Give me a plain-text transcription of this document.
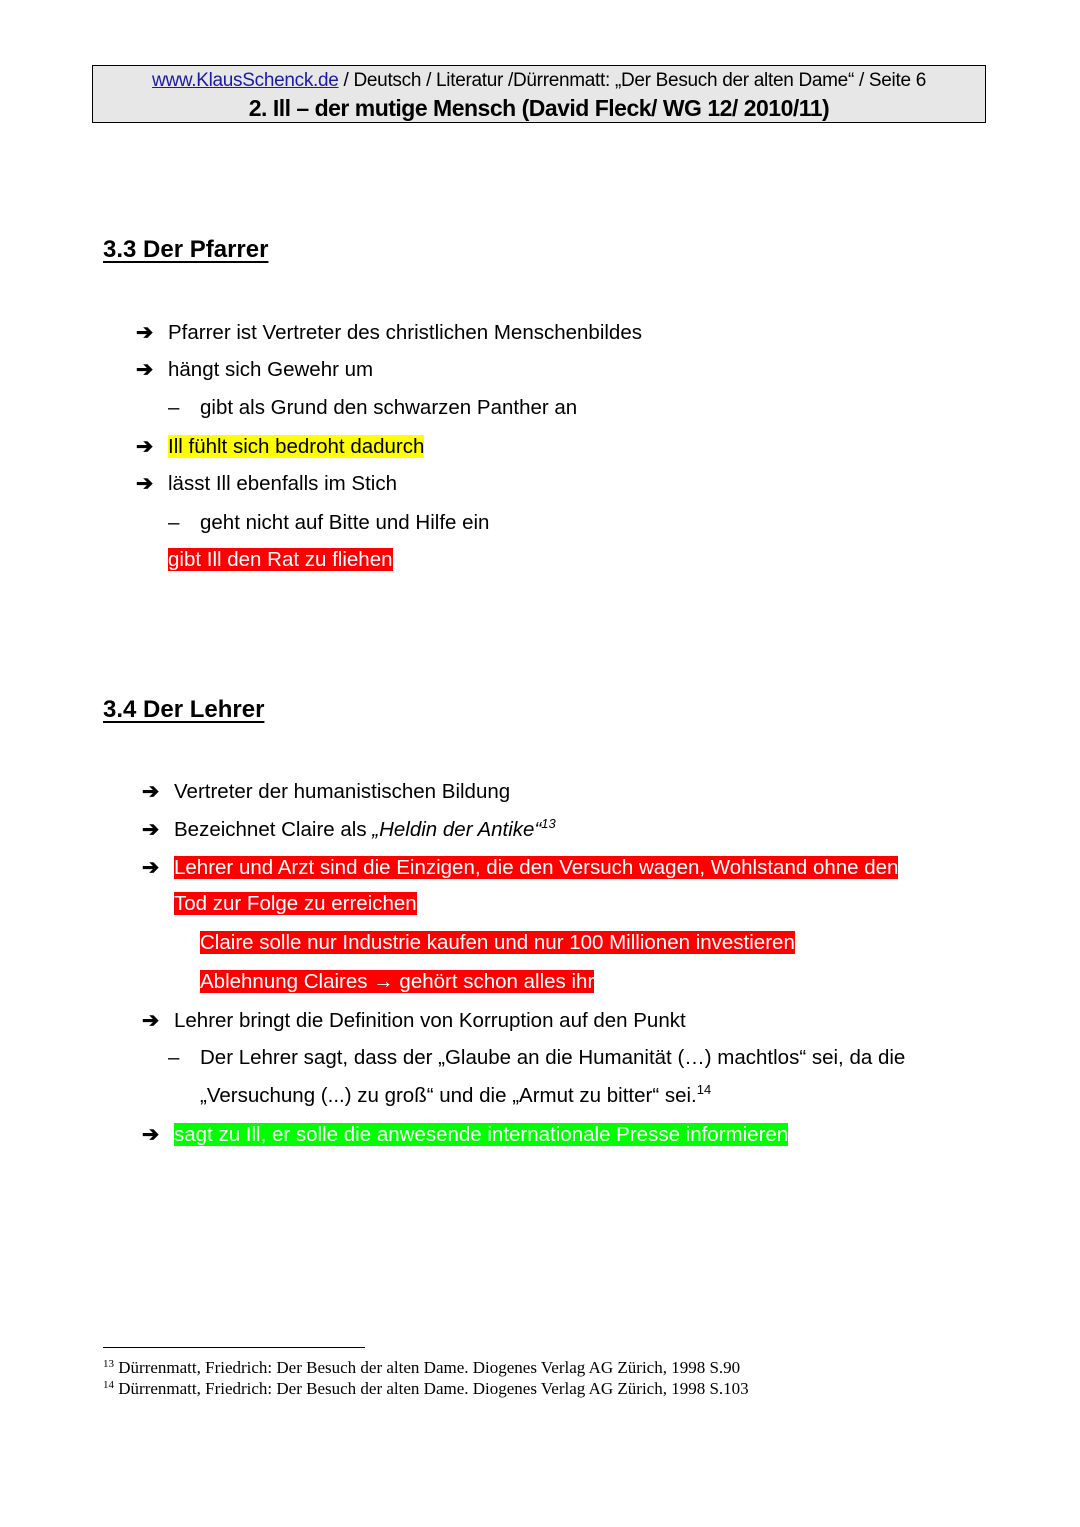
www.KlausSchenck.de / Deutsch / Literatur /Dürrenmatt: „Der Besuch der alten Dame“ / Seite 6
2. Ill – der mutige Mensch (David Fleck/ WG 12/ 2010/11)
3.3 Der Pfarrer
➔ Pfarrer ist Vertreter des christlichen Menschenbildes
➔ hängt sich Gewehr um
– gibt als Grund den schwarzen Panther an
➔ Ill fühlt sich bedroht dadurch
➔ lässt Ill ebenfalls im Stich
– geht nicht auf Bitte und Hilfe ein
gibt Ill den Rat zu fliehen
3.4 Der Lehrer
➔ Vertreter der humanistischen Bildung
➔ Bezeichnet Claire als „Heldin der Antike“$^{13}$
➔ Lehrer und Arzt sind die Einzigen, die den Versuch wagen, Wohlstand ohne den
Tod zur Folge zu erreichen
Claire solle nur Industrie kaufen und nur 100 Millionen investieren
Ablehnung Claires → gehört schon alles ihr
➔ Lehrer bringt die Definition von Korruption auf den Punkt
– Der Lehrer sagt, dass der „Glaube an die Humanität (…) machtlos“ sei, da die
„Versuchung (...) zu groß“ und die „Armut zu bitter“ sei.$^{14}$
➔ sagt zu Ill, er solle die anwesende internationale Presse informieren
$^{13}$ Dürrenmatt, Friedrich: Der Besuch der alten Dame. Diogenes Verlag AG Zürich, 1998 S.90
$^{14}$ Dürrenmatt, Friedrich: Der Besuch der alten Dame. Diogenes Verlag AG Zürich, 1998 S.103
